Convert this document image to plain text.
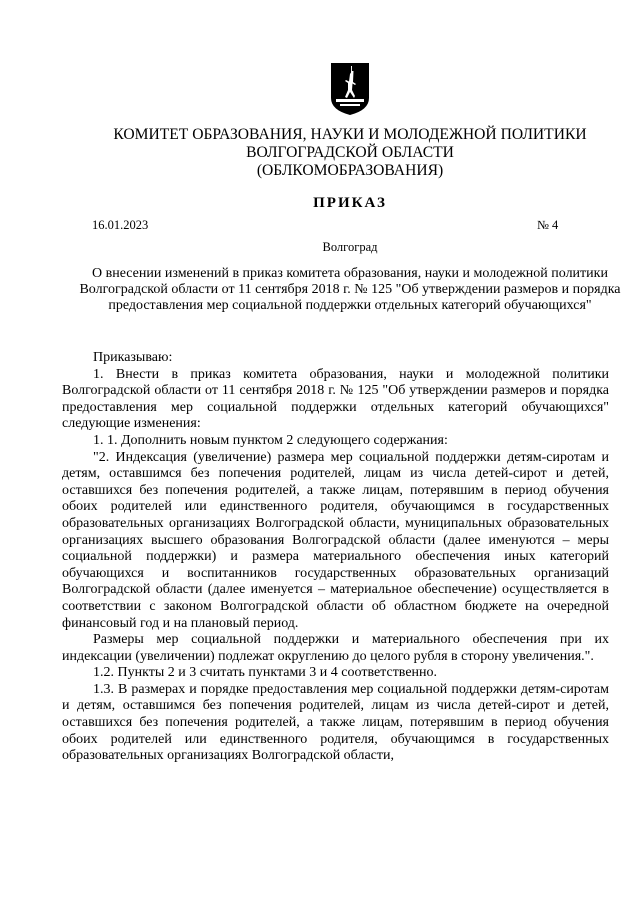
КОМИТЕТ ОБРАЗОВАНИЯ, НАУКИ И МОЛОДЕЖНОЙ ПОЛИТИКИ
ВОЛГОГРАДСКОЙ ОБЛАСТИ
(ОБЛКОМОБРАЗОВАНИЯ)
ПРИКАЗ
16.01.2023	№ 4
Волгоград
О внесении изменений в приказ комитета образования, науки и молодежной политики Волгоградской области от 11 сентября 2018 г. № 125 "Об утверждении размеров и порядка предоставления мер социальной поддержки отдельных категорий обучающихся"

Приказываю:

1. Внести в приказ комитета образования, науки и молодежной политики Волгоградской области от 11 сентября 2018 г. № 125 "Об утверждении размеров и порядка предоставления мер социальной поддержки отдельных категорий обучающихся" следующие изменения:

1. 1. Дополнить новым пунктом 2 следующего содержания:

"2. Индексация (увеличение) размера мер социальной поддержки детям-сиротам и детям, оставшимся без попечения родителей, лицам из числа детей-сирот и детей, оставшихся без попечения родителей, а также лицам, потерявшим в период обучения обоих родителей или единственного родителя, обучающимся в государственных образовательных организациях Волгоградской области, муниципальных образовательных организациях высшего образования Волгоградской области (далее именуются – меры социальной поддержки) и размера материального обеспечения иных категорий обучающихся и воспитанников государственных образовательных организаций Волгоградской области (далее именуется – материальное обеспечение) осуществляется в соответствии с законом Волгоградской области об областном бюджете на очередной финансовый год и на плановый период.

Размеры мер социальной поддержки и материального обеспечения при их индексации (увеличении) подлежат округлению до целого рубля в сторону увеличения.".

1.2. Пункты 2 и 3 считать пунктами 3 и 4 соответственно.

1.3. В размерах и порядке предоставления мер социальной поддержки детям-сиротам и детям, оставшимся без попечения родителей, лицам из числа детей-сирот и детей, оставшихся без попечения родителей, а также лицам, потерявшим в период обучения обоих родителей или единственного родителя, обучающимся в государственных образовательных организациях Волгоградской области,
